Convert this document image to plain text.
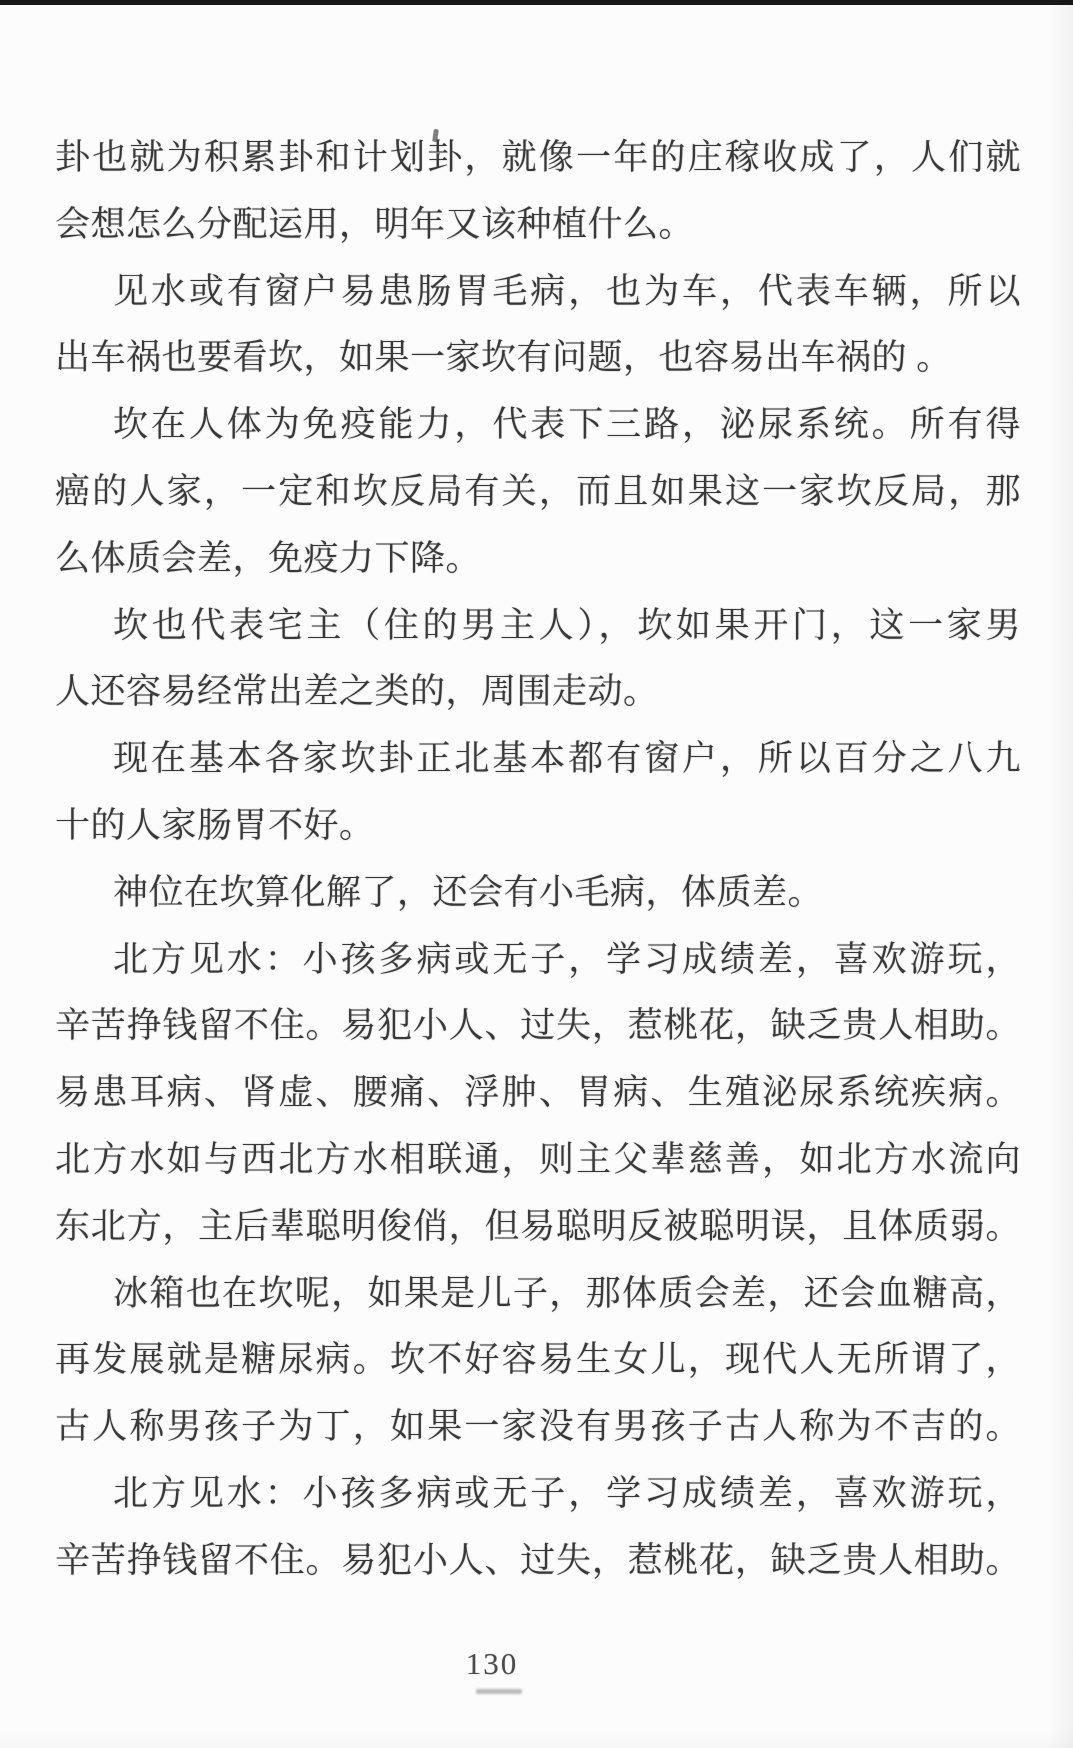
卦也就为积累卦和计划卦，就像一年的庄稼收成了，人们就
会想怎么分配运用，明年又该种植什么。
见水或有窗户易患肠胃毛病，也为车，代表车辆，所以
出车祸也要看坎，如果一家坎有问题，也容易出车祸的 。
坎在人体为免疫能力，代表下三路，泌尿系统。所有得
癌的人家，一定和坎反局有关，而且如果这一家坎反局，那
么体质会差，免疫力下降。
坎也代表宅主（住的男主人），坎如果开门，这一家男
人还容易经常出差之类的，周围走动。
现在基本各家坎卦正北基本都有窗户，所以百分之八九
十的人家肠胃不好。
神位在坎算化解了，还会有小毛病，体质差。
北方见水：小孩多病或无子，学习成绩差，喜欢游玩，
辛苦挣钱留不住。易犯小人、过失，惹桃花，缺乏贵人相助。
易患耳病、肾虚、腰痛、浮肿、胃病、生殖泌尿系统疾病。
北方水如与西北方水相联通，则主父辈慈善，如北方水流向
东北方，主后辈聪明俊俏，但易聪明反被聪明误，且体质弱。
冰箱也在坎呢，如果是儿子，那体质会差，还会血糖高，
再发展就是糖尿病。坎不好容易生女儿，现代人无所谓了，
古人称男孩子为丁，如果一家没有男孩子古人称为不吉的。
北方见水：小孩多病或无子，学习成绩差，喜欢游玩，
辛苦挣钱留不住。易犯小人、过失，惹桃花，缺乏贵人相助。
130
